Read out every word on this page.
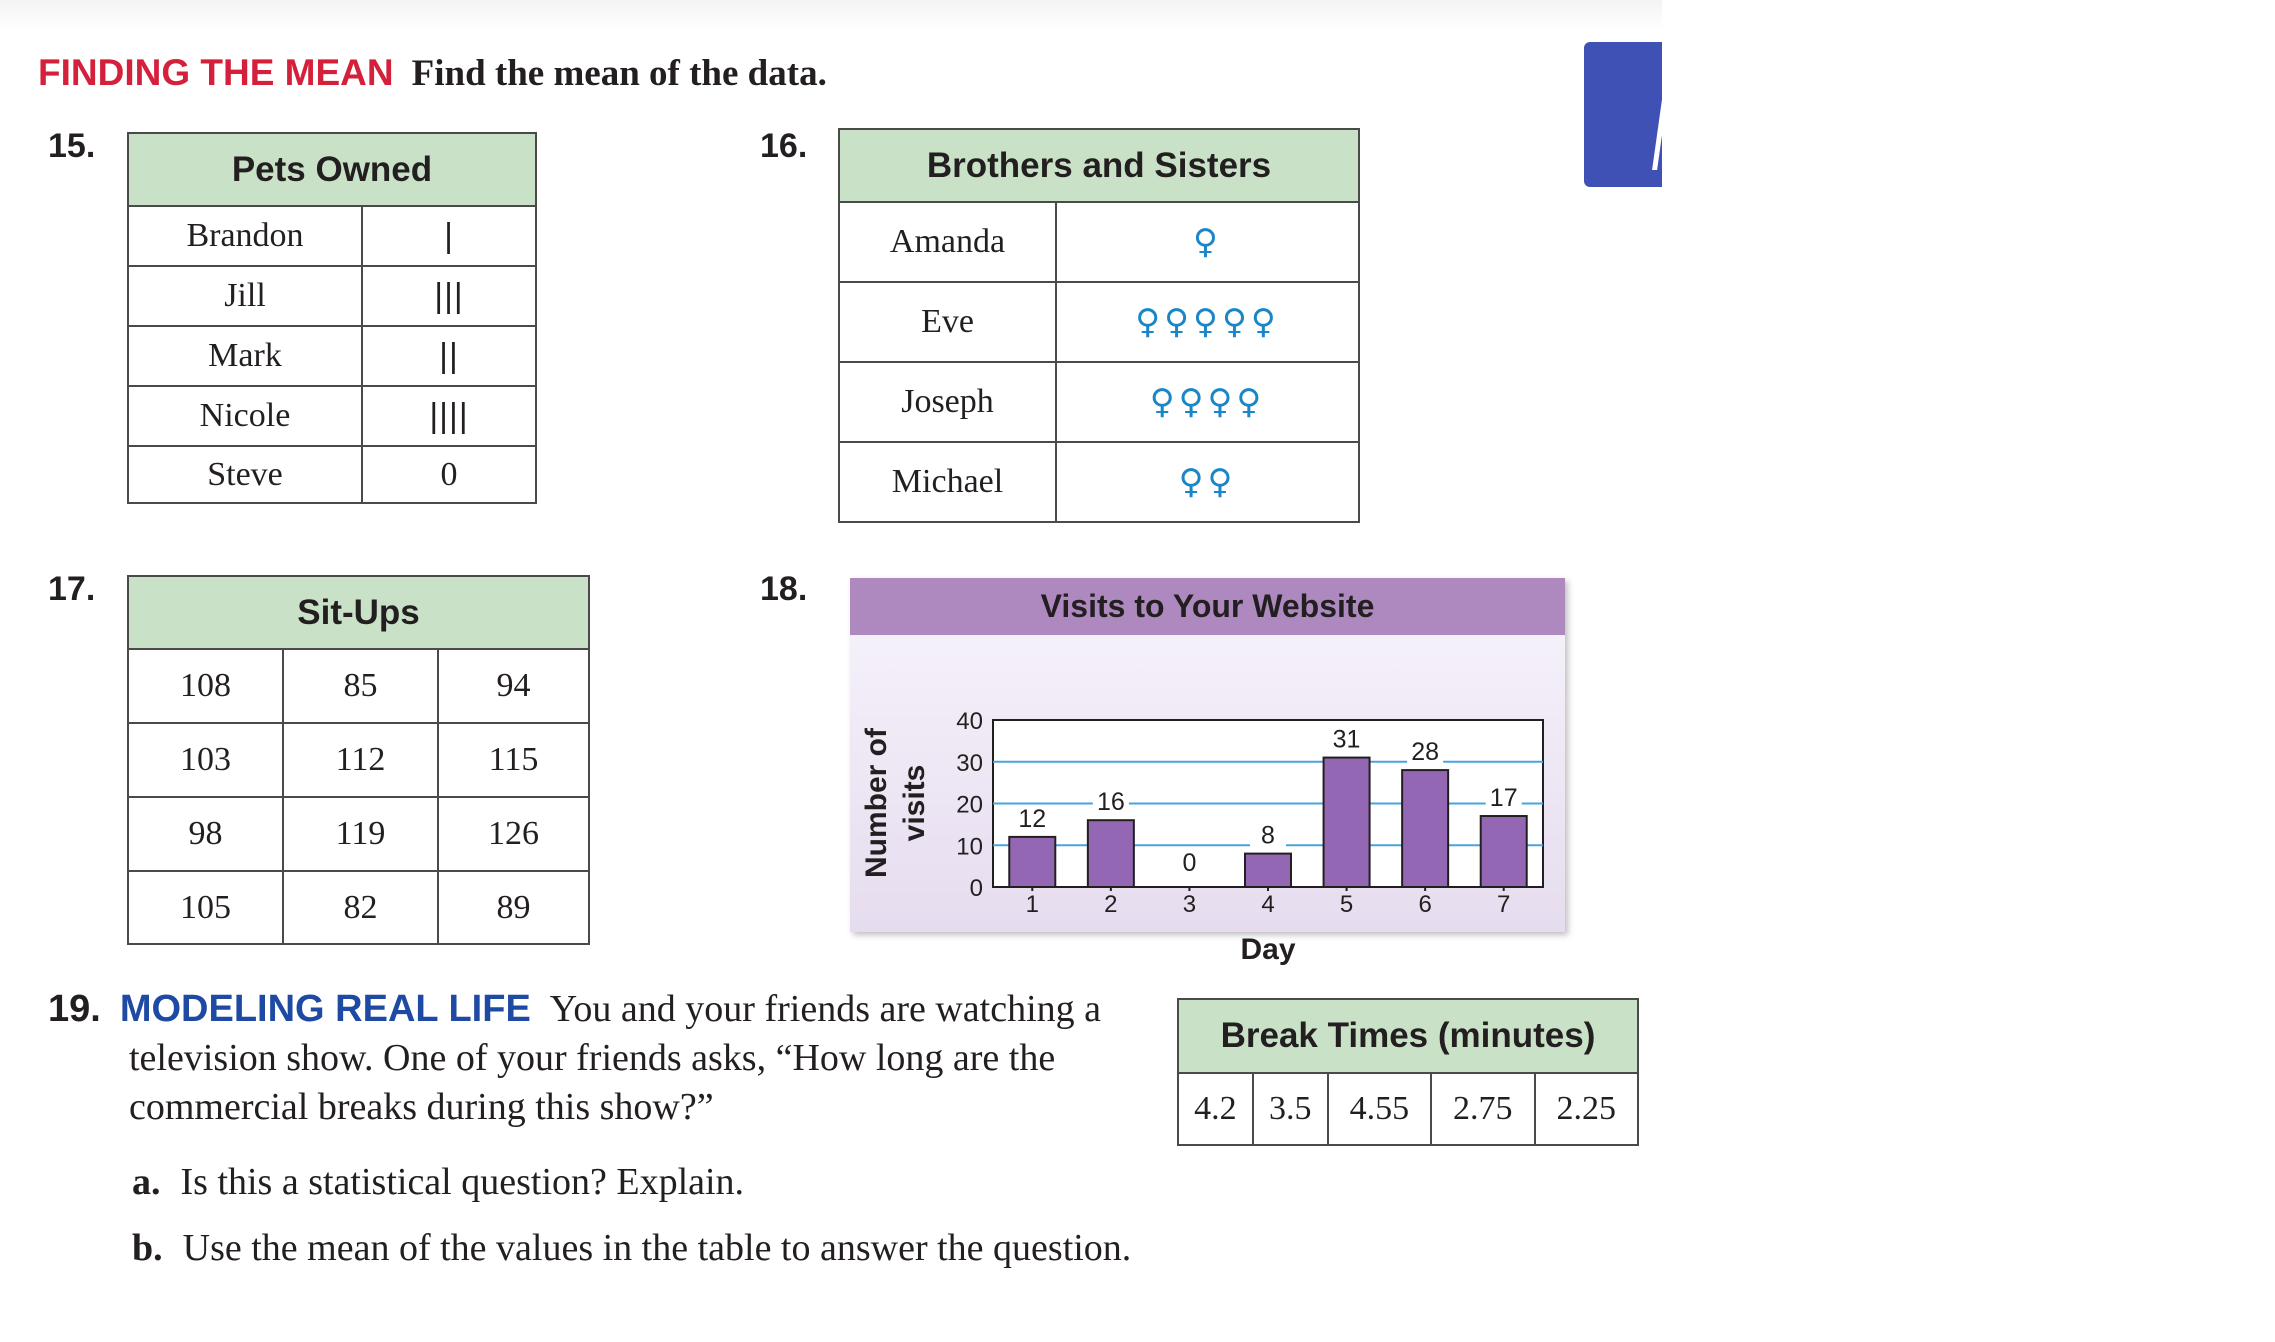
FINDING THE MEAN Find the mean of the data.
15.
Pets Owned	
Brandon	|
Jill	|||
Mark	||
Nicole	||||
Steve	0
16.	Brothers and Sisters	
Amanda	♀
Eve	♀♀♀♀♀
Joseph	♀♀♀♀
Michael	♀♀
17.
Sit-Ups		
108	85	94
103	112	115
98	119	126
105	82	89
18.	Visits to Your Website
0
10
20
30
40
12
1
16
2
0
3
8
4
31
5
28
6
17
7
Day
Number of visits
19. MODELING REAL LIFE You and your friends are watching a
television show. One of your friends asks, “How long are the
commercial breaks during this show?”
a. Is this a statistical question? Explain.
b. Use the mean of the values in the table to answer the question.
Break Times (minutes)
4.2	3.5	4.55	2.75	2.25
